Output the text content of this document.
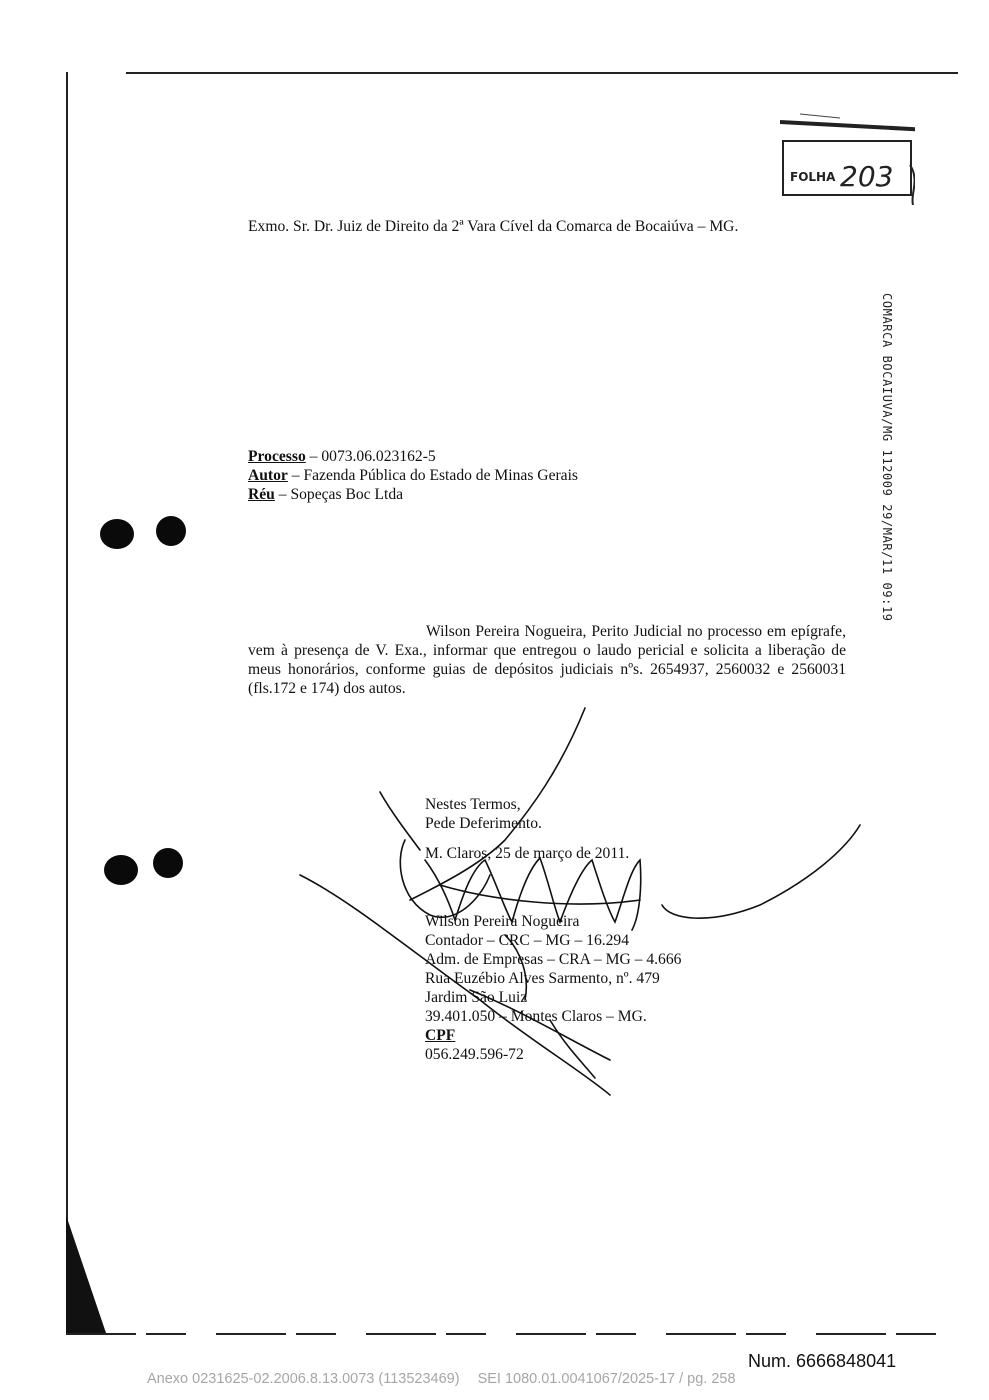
FOLHA 203
Exmo. Sr. Dr. Juiz de Direito da 2ª Vara Cível da Comarca de Bocaiúva – MG.
COMARCA BOCAIUVA/MG 112009 29/MAR/11 09:19
Processo – 0073.06.023162-5
Autor – Fazenda Pública do Estado de Minas Gerais
Réu – Sopeças Boc Ltda
Wilson Pereira Nogueira, Perito Judicial no processo em epígrafe, vem à presença de V. Exa., informar que entregou o laudo pericial e solicita a liberação de meus honorários, conforme guias de depósitos judiciais nºs. 2654937, 2560032 e 2560031 (fls.172 e 174) dos autos.
Nestes Termos,
Pede Deferimento.
M. Claros, 25 de março de 2011.
Wilson Pereira Nogueira
Contador – CRC – MG – 16.294
Adm. de Empresas – CRA – MG – 4.666
Rua Euzébio Alves Sarmento, nº. 479
Jardim São Luiz
39.401.050 – Montes Claros – MG.
CPF
056.249.596-72
Num. 6666848041
Anexo 0231625-02.2006.8.13.0073 (113523469) SEI 1080.01.0041067/2025-17 / pg. 258
